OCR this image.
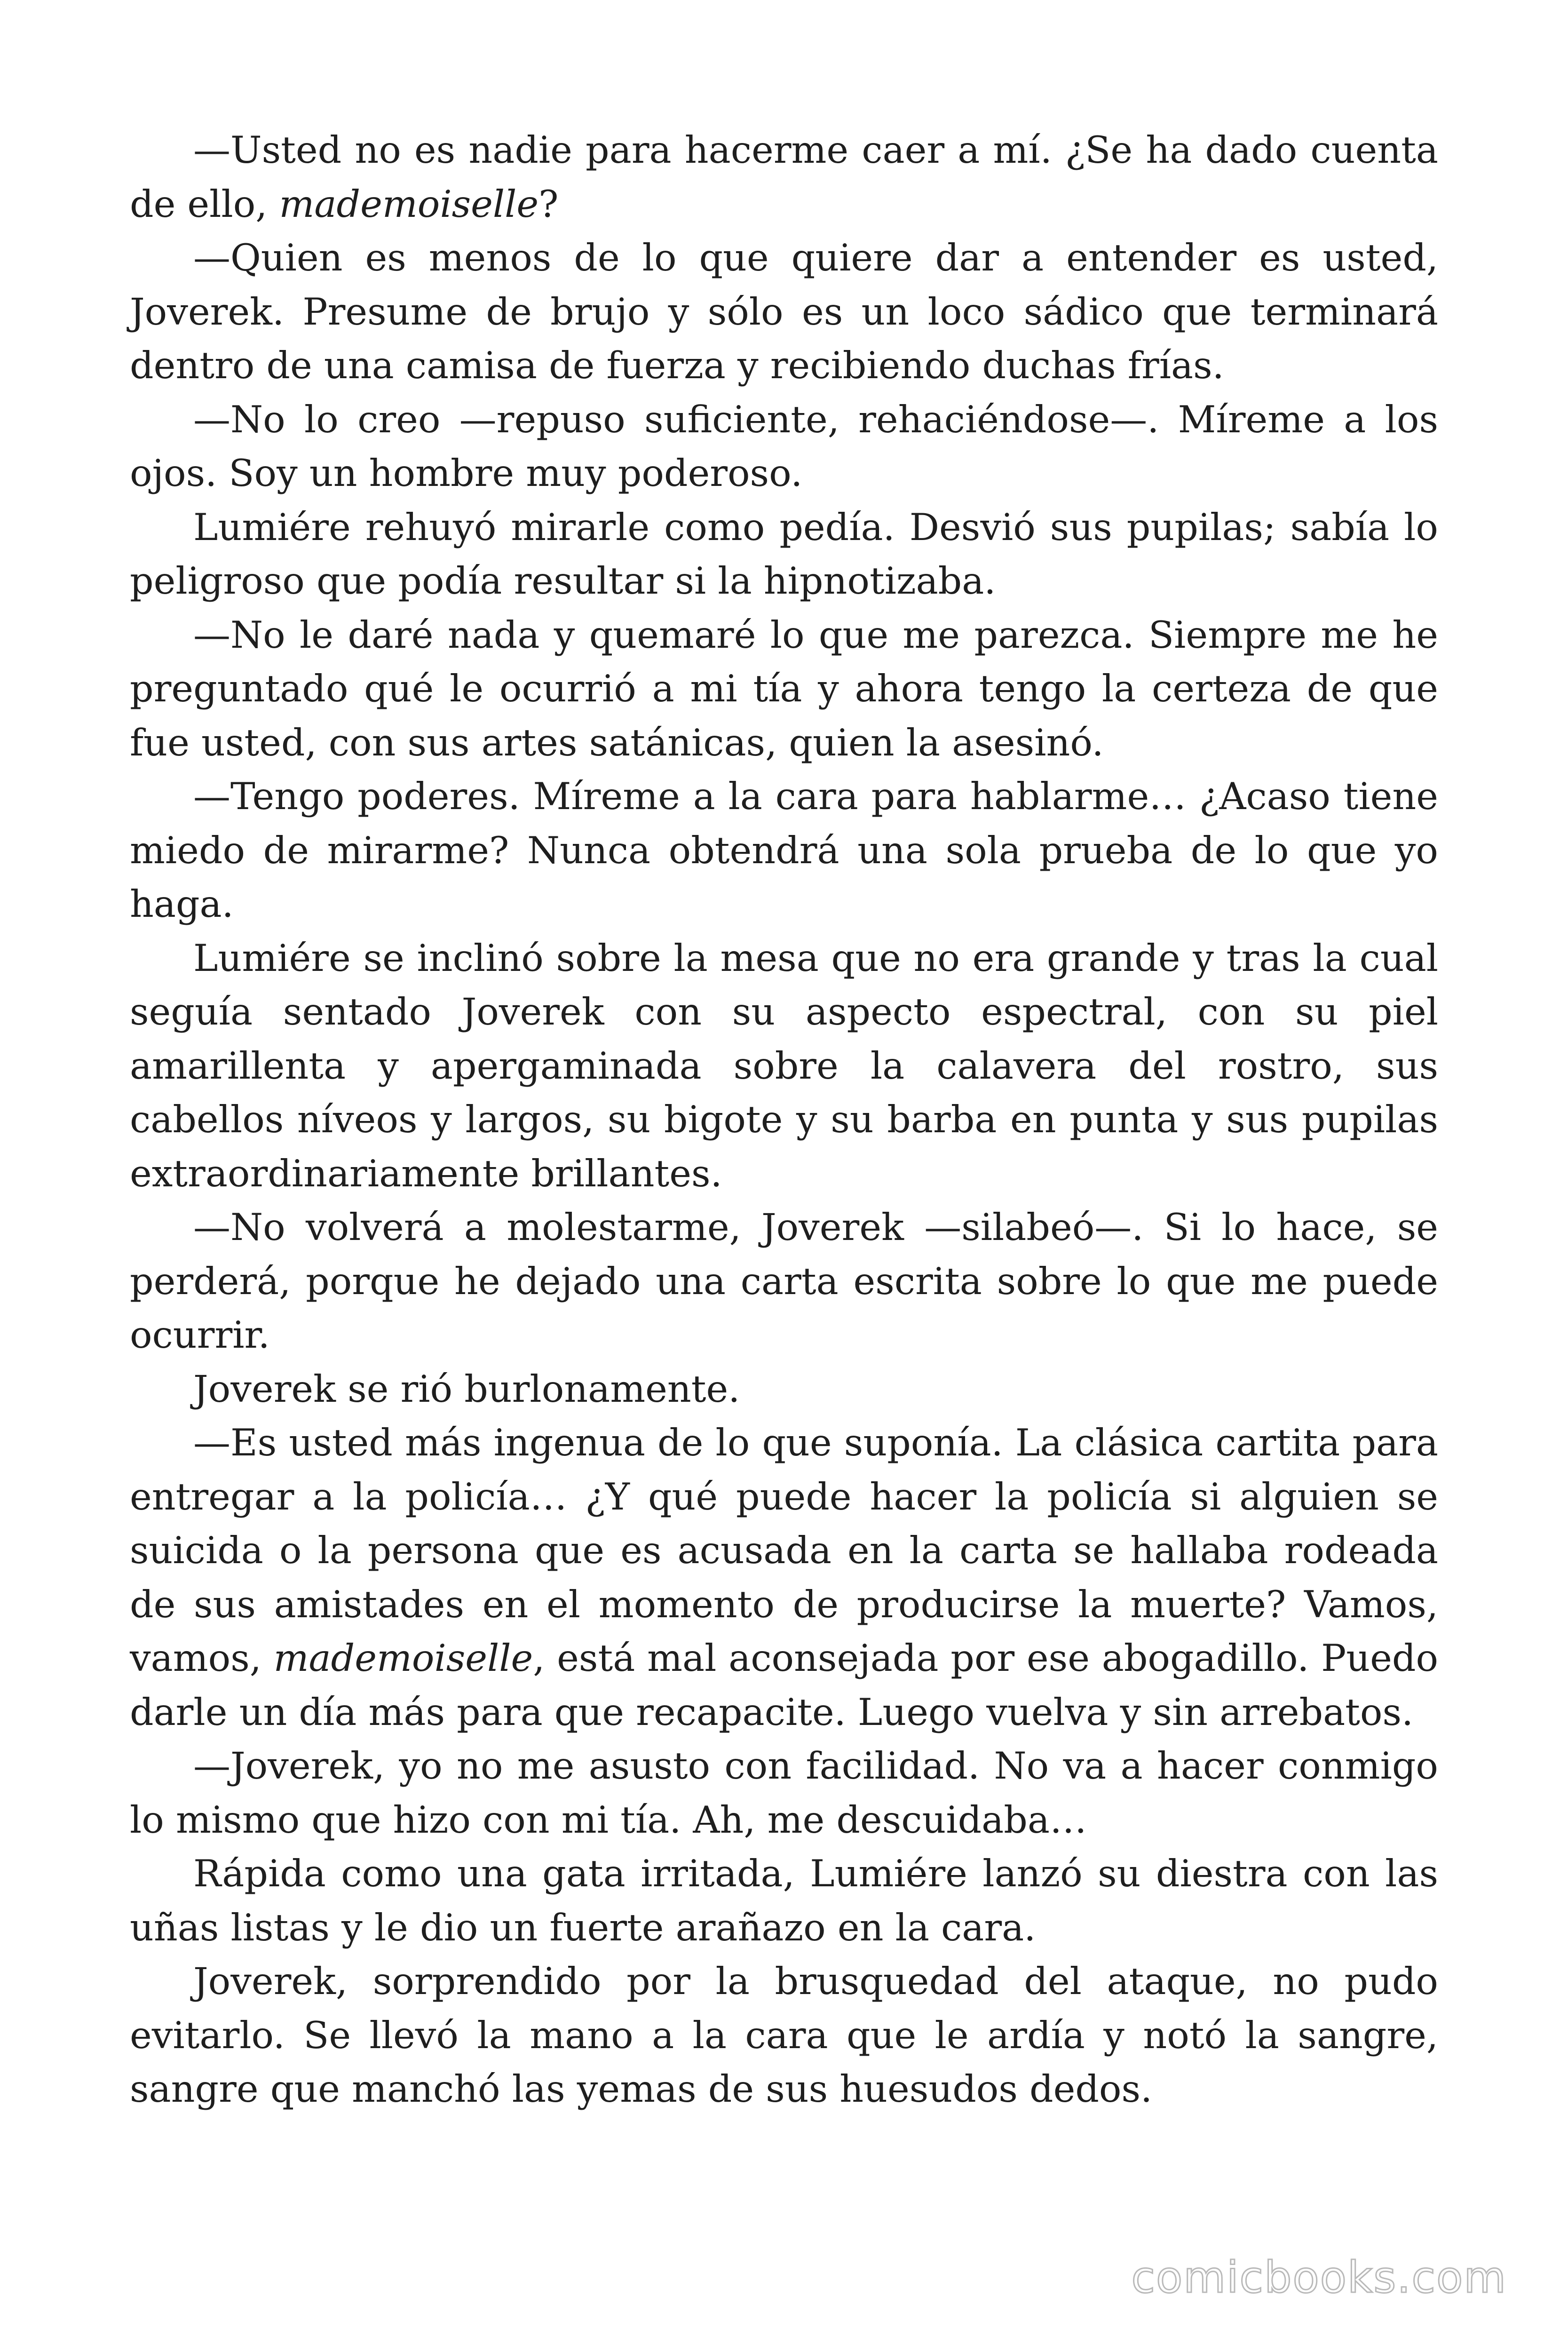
—Usted no es nadie para hacerme caer a mí. ¿Se ha dado cuenta de ello, mademoiselle?

—Quien es menos de lo que quiere dar a entender es usted, Joverek. Presume de brujo y sólo es un loco sádico que terminará dentro de una camisa de fuerza y recibiendo duchas frías.

—No lo creo —repuso suficiente, rehaciéndose—. Míreme a los ojos. Soy un hombre muy poderoso.

Lumiére rehuyó mirarle como pedía. Desvió sus pupilas; sabía lo peligroso que podía resultar si la hipnotizaba.

—No le daré nada y quemaré lo que me parezca. Siempre me he preguntado qué le ocurrió a mi tía y ahora tengo la certeza de que fue usted, con sus artes satánicas, quien la asesinó.

—Tengo poderes. Míreme a la cara para hablarme… ¿Acaso tiene miedo de mirarme? Nunca obtendrá una sola prueba de lo que yo haga.

Lumiére se inclinó sobre la mesa que no era grande y tras la cual seguía sentado Joverek con su aspecto espectral, con su piel amarillenta y apergaminada sobre la calavera del rostro, sus cabellos níveos y largos, su bigote y su barba en punta y sus pupilas extraordinariamente brillantes.

—No volverá a molestarme, Joverek —silabeó—. Si lo hace, se perderá, porque he dejado una carta escrita sobre lo que me puede ocurrir.

Joverek se rió burlonamente.

—Es usted más ingenua de lo que suponía. La clásica cartita para entregar a la policía… ¿Y qué puede hacer la policía si alguien se suicida o la persona que es acusada en la carta se hallaba rodeada de sus amistades en el momento de producirse la muerte? Vamos, vamos, mademoiselle, está mal aconsejada por ese abogadillo. Puedo darle un día más para que recapacite. Luego vuelva y sin arrebatos.

—Joverek, yo no me asusto con facilidad. No va a hacer conmigo lo mismo que hizo con mi tía. Ah, me descuidaba…

Rápida como una gata irritada, Lumiére lanzó su diestra con las uñas listas y le dio un fuerte arañazo en la cara.

Joverek, sorprendido por la brusquedad del ataque, no pudo evitarlo. Se llevó la mano a la cara que le ardía y notó la sangre, sangre que manchó las yemas de sus huesudos dedos.

comicbooks.com
